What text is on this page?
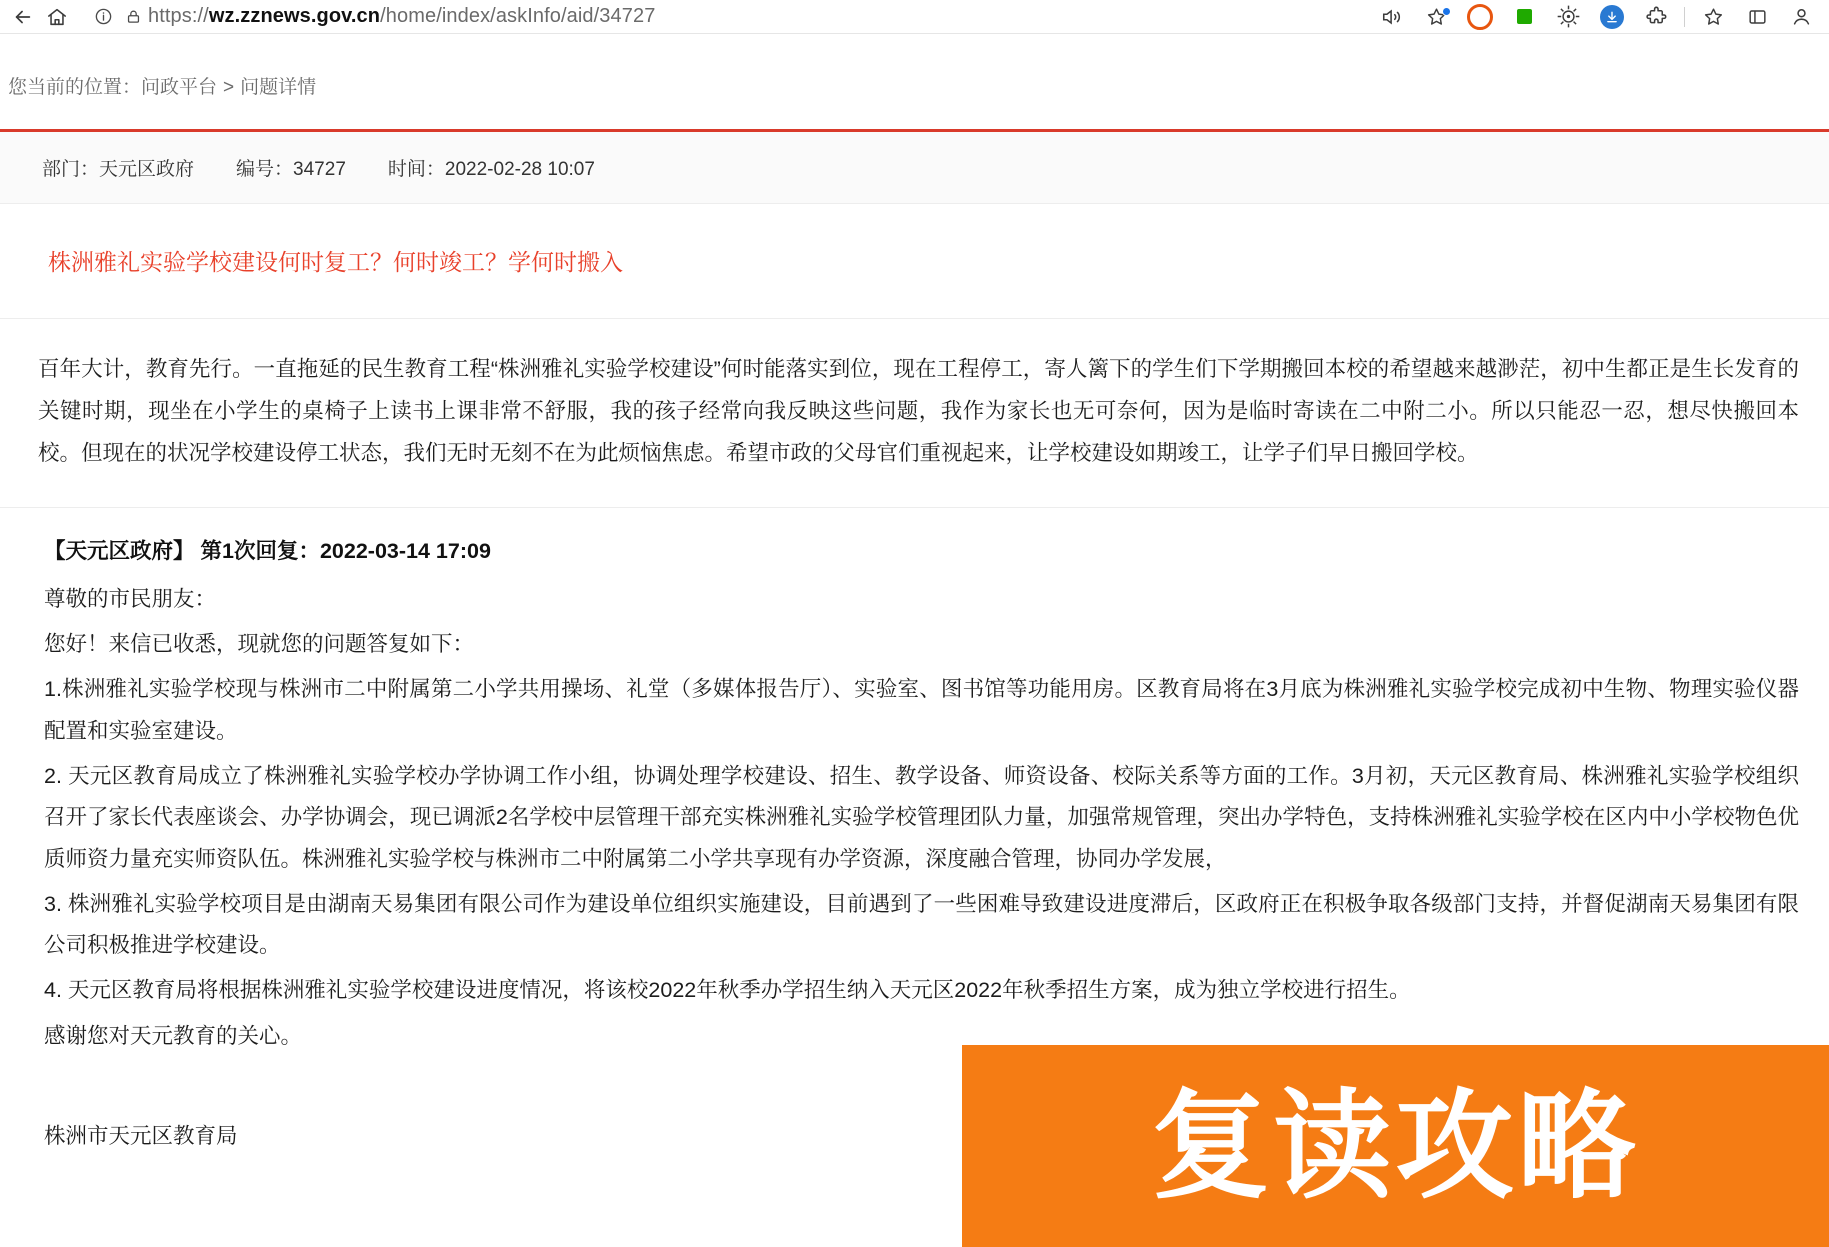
https://wz.zznews.gov.cn/home/index/askInfo/aid/34727
您当前的位置：问政平台 > 问题详情
部门：天元区政府 编号：34727 时间：2022-02-28 10:07
株洲雅礼实验学校建设何时复工？何时竣工？学何时搬入
百年大计，教育先行。一直拖延的民生教育工程“株洲雅礼实验学校建设”何时能落实到位，现在工程停工，寄人篱下的学生们下学期搬回本校的希望越来越渺茫，初中生都正是生长发育的关键时期，现坐在小学生的桌椅子上读书上课非常不舒服，我的孩子经常向我反映这些问题，我作为家长也无可奈何，因为是临时寄读在二中附二小。所以只能忍一忍，想尽快搬回本校。但现在的状况学校建设停工状态，我们无时无刻不在为此烦恼焦虑。希望市政的父母官们重视起来，让学校建设如期竣工，让学子们早日搬回学校。
【天元区政府】 第1次回复：2022-03-14 17:09

尊敬的市民朋友：

您好！来信已收悉，现就您的问题答复如下：

1.株洲雅礼实验学校现与株洲市二中附属第二小学共用操场、礼堂（多媒体报告厅）、实验室、图书馆等功能用房。区教育局将在3月底为株洲雅礼实验学校完成初中生物、物理实验仪器配置和实验室建设。

2. 天元区教育局成立了株洲雅礼实验学校办学协调工作小组，协调处理学校建设、招生、教学设备、师资设备、校际关系等方面的工作。3月初，天元区教育局、株洲雅礼实验学校组织召开了家长代表座谈会、办学协调会，现已调派2名学校中层管理干部充实株洲雅礼实验学校管理团队力量，加强常规管理，突出办学特色，支持株洲雅礼实验学校在区内中小学校物色优质师资力量充实师资队伍。株洲雅礼实验学校与株洲市二中附属第二小学共享现有办学资源，深度融合管理，协同办学发展，

3. 株洲雅礼实验学校项目是由湖南天易集团有限公司作为建设单位组织实施建设，目前遇到了一些困难导致建设进度滞后，区政府正在积极争取各级部门支持，并督促湖南天易集团有限公司积极推进学校建设。

4. 天元区教育局将根据株洲雅礼实验学校建设进度情况，将该校2022年秋季办学招生纳入天元区2022年秋季招生方案，成为独立学校进行招生。

感谢您对天元教育的关心。

株洲市天元区教育局	复读攻略
